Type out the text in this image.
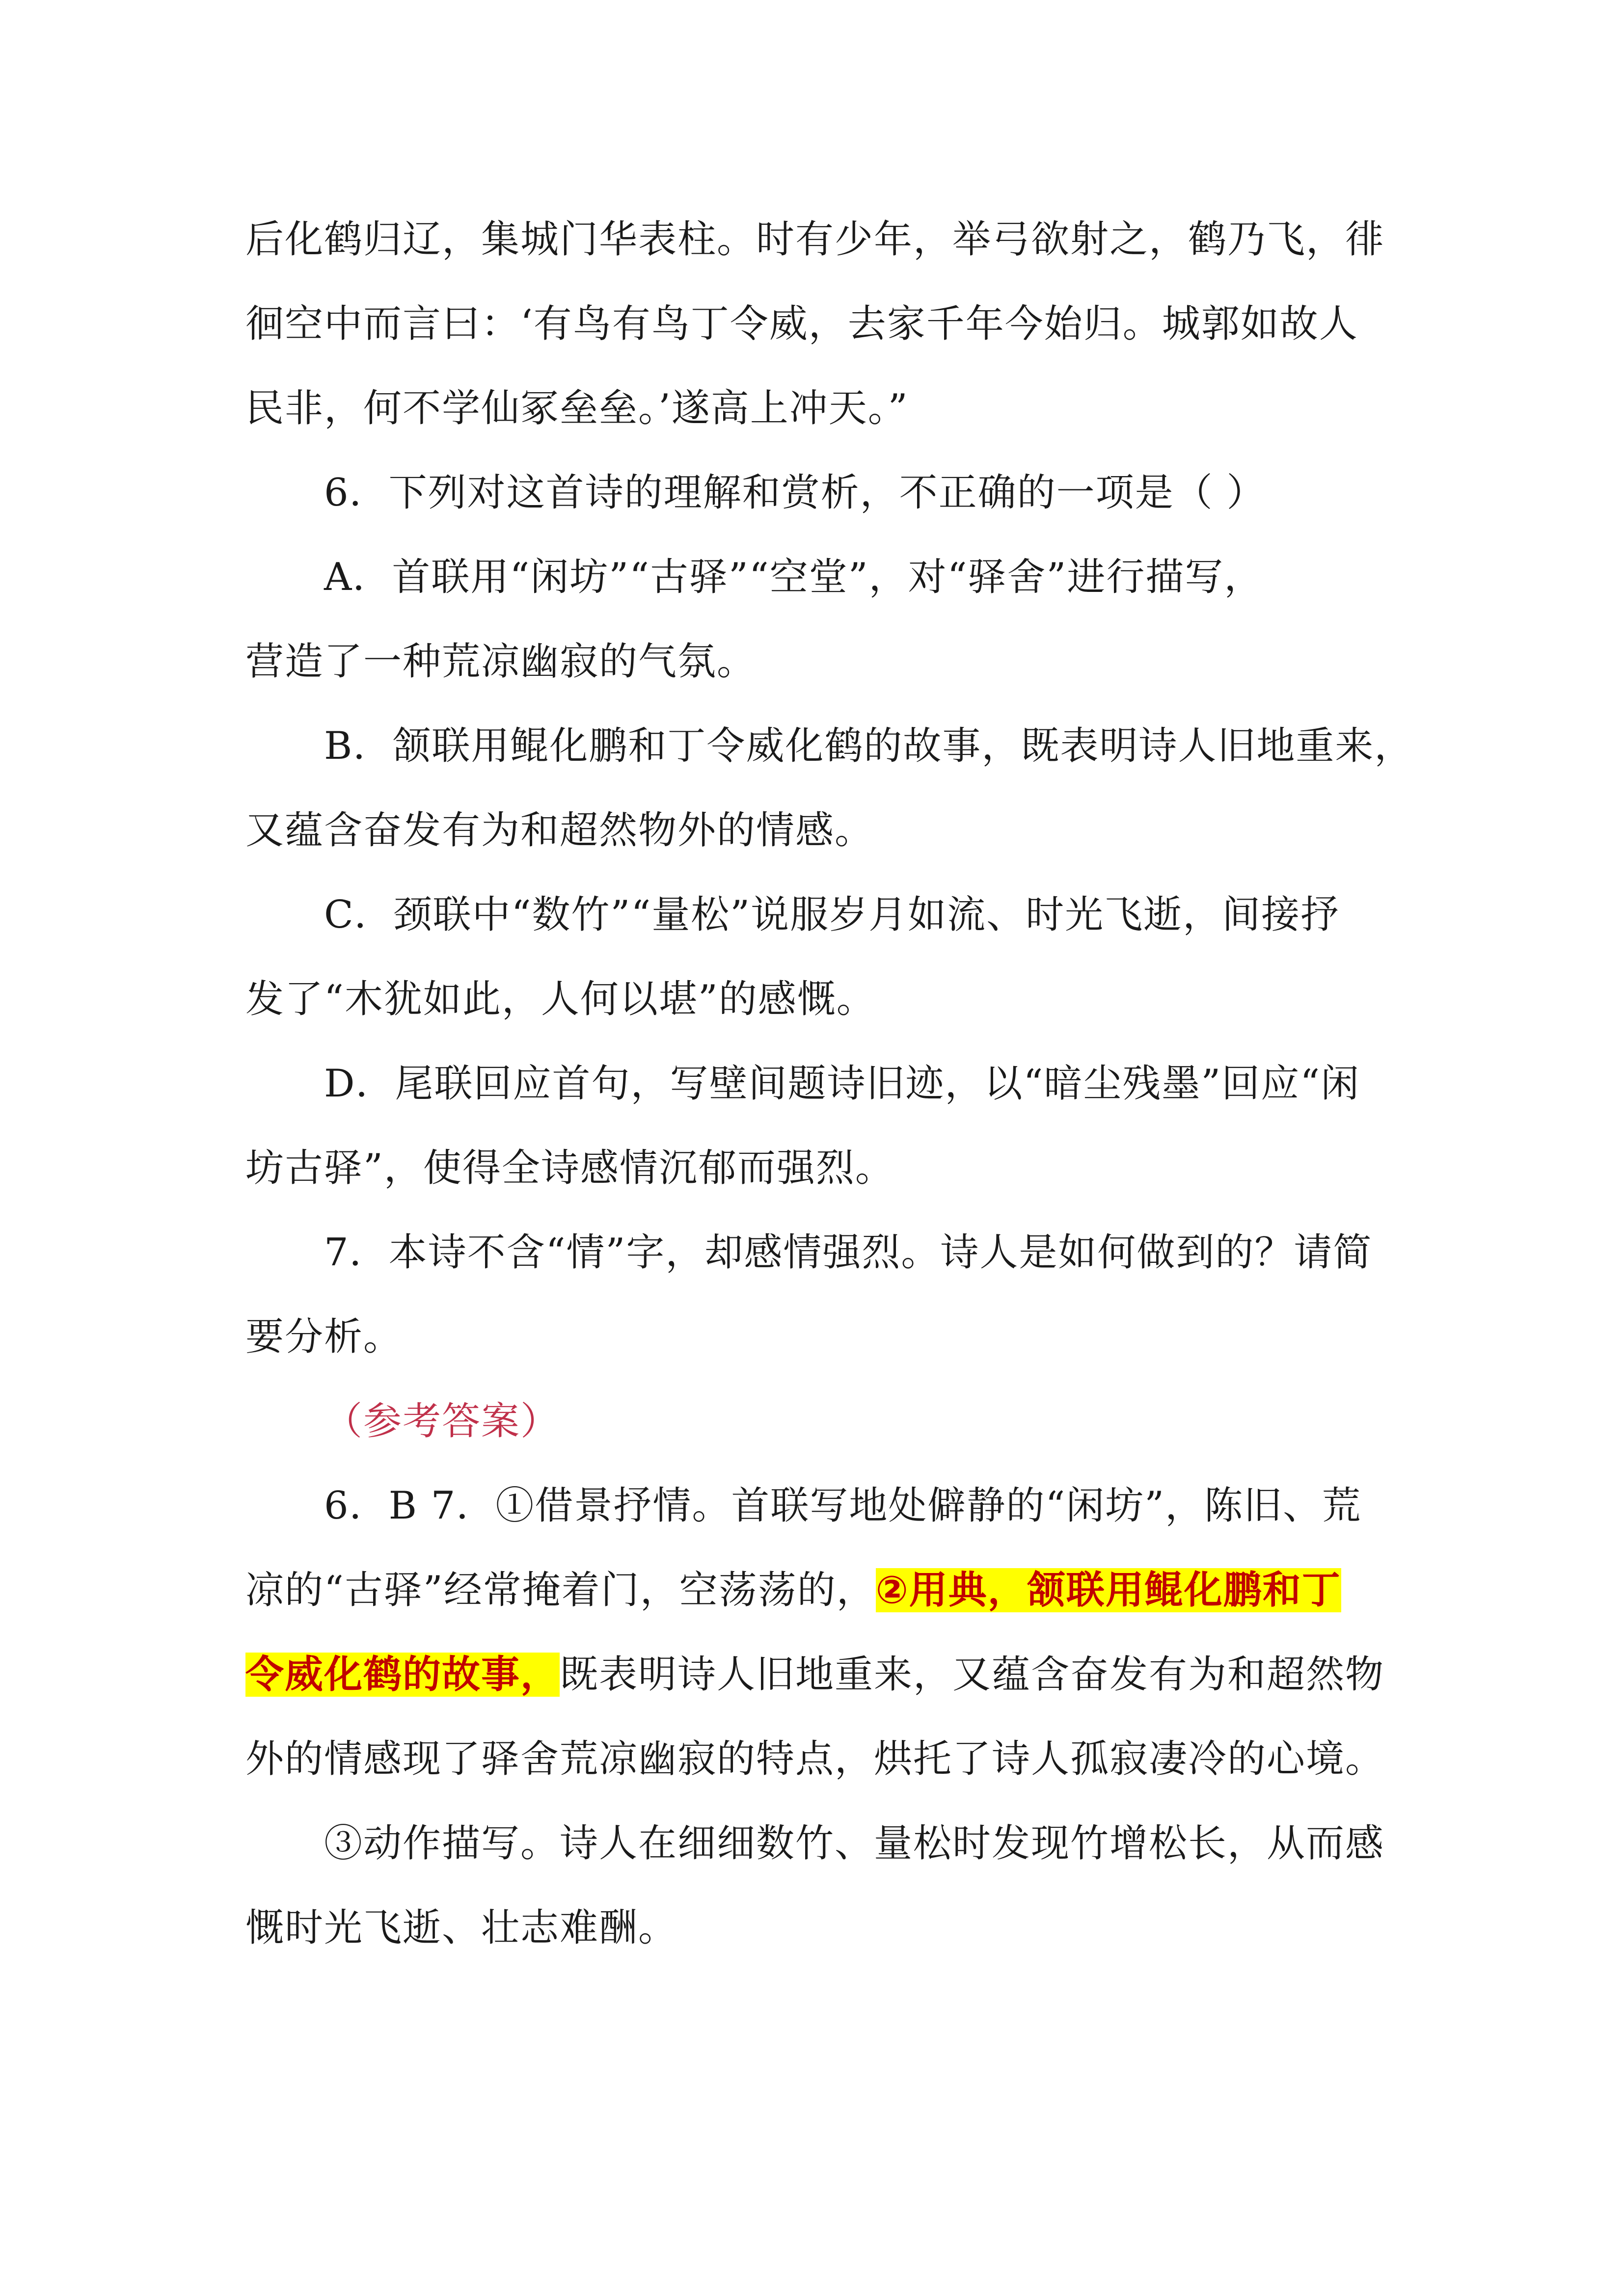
后化鹤归辽，集城门华表柱。时有少年，举弓欲射之，鹤乃飞，徘
徊空中而言曰：‘有鸟有鸟丁令威，去家千年今始归。城郭如故人
民非，何不学仙冢垒垒。’遂高上冲天。”
6．下列对这首诗的理解和赏析，不正确的一项是（ ）
A．首联用“闲坊”“古驿”“空堂”，对“驿舍”进行描写，
营造了一种荒凉幽寂的气氛。
B．颔联用鲲化鹏和丁令威化鹤的故事，既表明诗人旧地重来，
又蕴含奋发有为和超然物外的情感。
C．颈联中“数竹”“量松”说服岁月如流、时光飞逝，间接抒
发了“木犹如此，人何以堪”的感慨。
D．尾联回应首句，写壁间题诗旧迹，以“暗尘残墨”回应“闲
坊古驿”，使得全诗感情沉郁而强烈。
7．本诗不含“情”字，却感情强烈。诗人是如何做到的？请简
要分析。
（参考答案）
6．B 7．①借景抒情。首联写地处僻静的“闲坊”，陈旧、荒
凉的“古驿”经常掩着门，空荡荡的，②用典，颔联用鲲化鹏和丁
令威化鹤的故事，既表明诗人旧地重来，又蕴含奋发有为和超然物
外的情感现了驿舍荒凉幽寂的特点，烘托了诗人孤寂凄冷的心境。
③动作描写。诗人在细细数竹、量松时发现竹增松长，从而感
慨时光飞逝、壮志难酬。
